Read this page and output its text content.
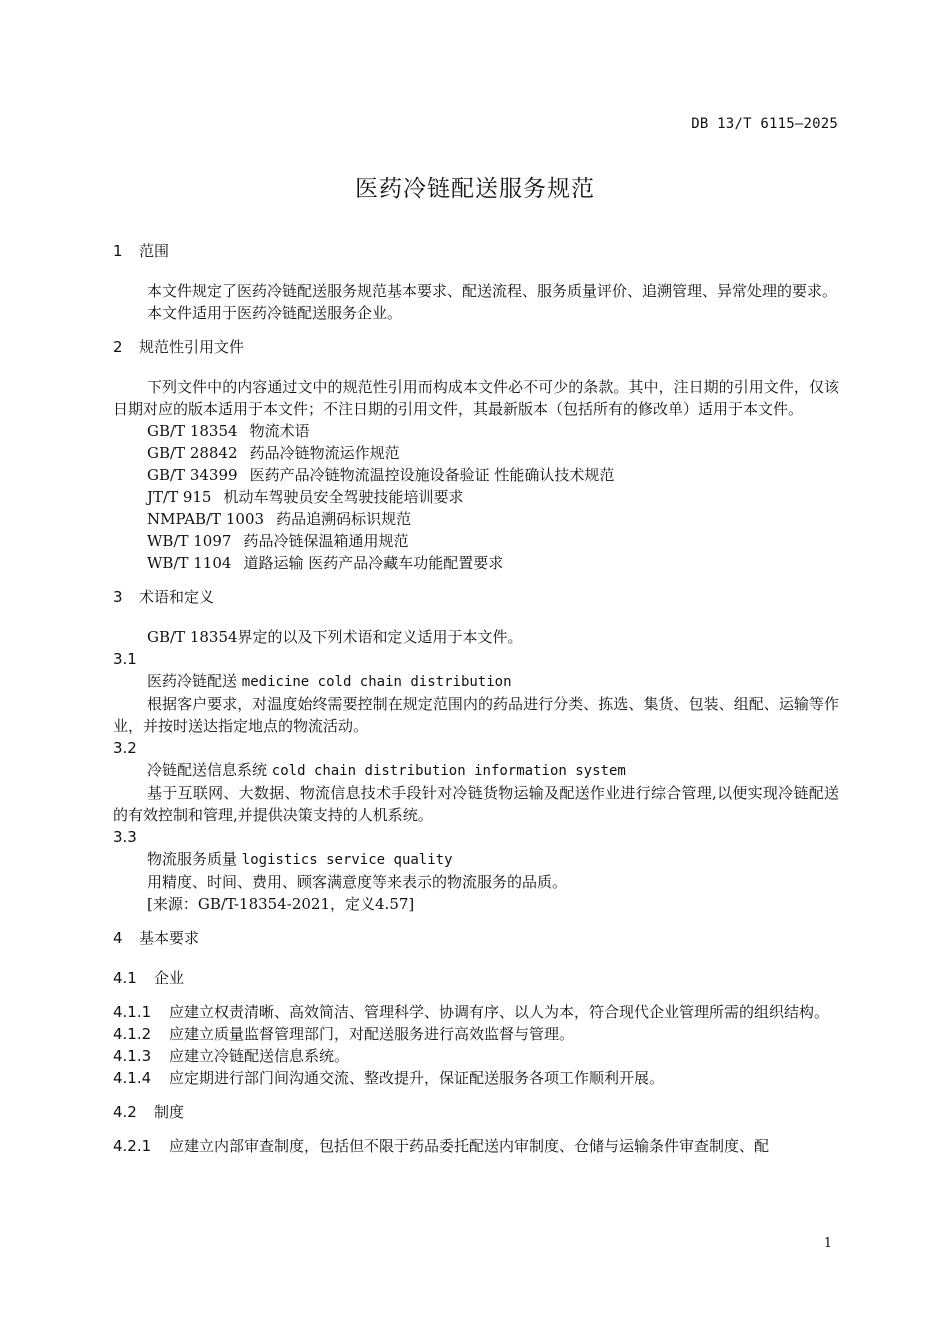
DB 13/T 6115—2025
医药冷链配送服务规范
1 范围

本文件规定了医药冷链配送服务规范基本要求、配送流程、服务质量评价、追溯管理、异常处理的要求。

本文件适用于医药冷链配送服务企业。

2 规范性引用文件

下列文件中的内容通过文中的规范性引用而构成本文件必不可少的条款。其中，注日期的引用文件，仅该日期对应的版本适用于本文件；不注日期的引用文件，其最新版本（包括所有的修改单）适用于本文件。

GB/T 18354 物流术语
GB/T 28842 药品冷链物流运作规范
GB/T 34399 医药产品冷链物流温控设施设备验证 性能确认技术规范
JT/T 915 机动车驾驶员安全驾驶技能培训要求
NMPAB/T 1003 药品追溯码标识规范
WB/T 1097 药品冷链保温箱通用规范
WB/T 1104 道路运输 医药产品冷藏车功能配置要求
3 术语和定义

GB/T 18354界定的以及下列术语和定义适用于本文件。

3.1
医药冷链配送 medicine cold chain distribution

根据客户要求，对温度始终需要控制在规定范围内的药品进行分类、拣选、集货、包装、组配、运输等作业，并按时送达指定地点的物流活动。

3.2
冷链配送信息系统 cold chain distribution information system

基于互联网、大数据、物流信息技术手段针对冷链货物运输及配送作业进行综合管理,以便实现冷链配送的有效控制和管理,并提供决策支持的人机系统。

3.3
物流服务质量 logistics service quality

用精度、时间、费用、顾客满意度等来表示的物流服务的品质。

[来源：GB/T-18354-2021，定义4.57]

4 基本要求
4.1 企业

4.1.1 应建立权责清晰、高效简洁、管理科学、协调有序、以人为本，符合现代企业管理所需的组织结构。

4.1.2 应建立质量监督管理部门，对配送服务进行高效监督与管理。

4.1.3 应建立冷链配送信息系统。

4.1.4 应定期进行部门间沟通交流、整改提升，保证配送服务各项工作顺利开展。

4.2 制度

4.2.1 应建立内部审查制度，包括但不限于药品委托配送内审制度、仓储与运输条件审查制度、配

1
